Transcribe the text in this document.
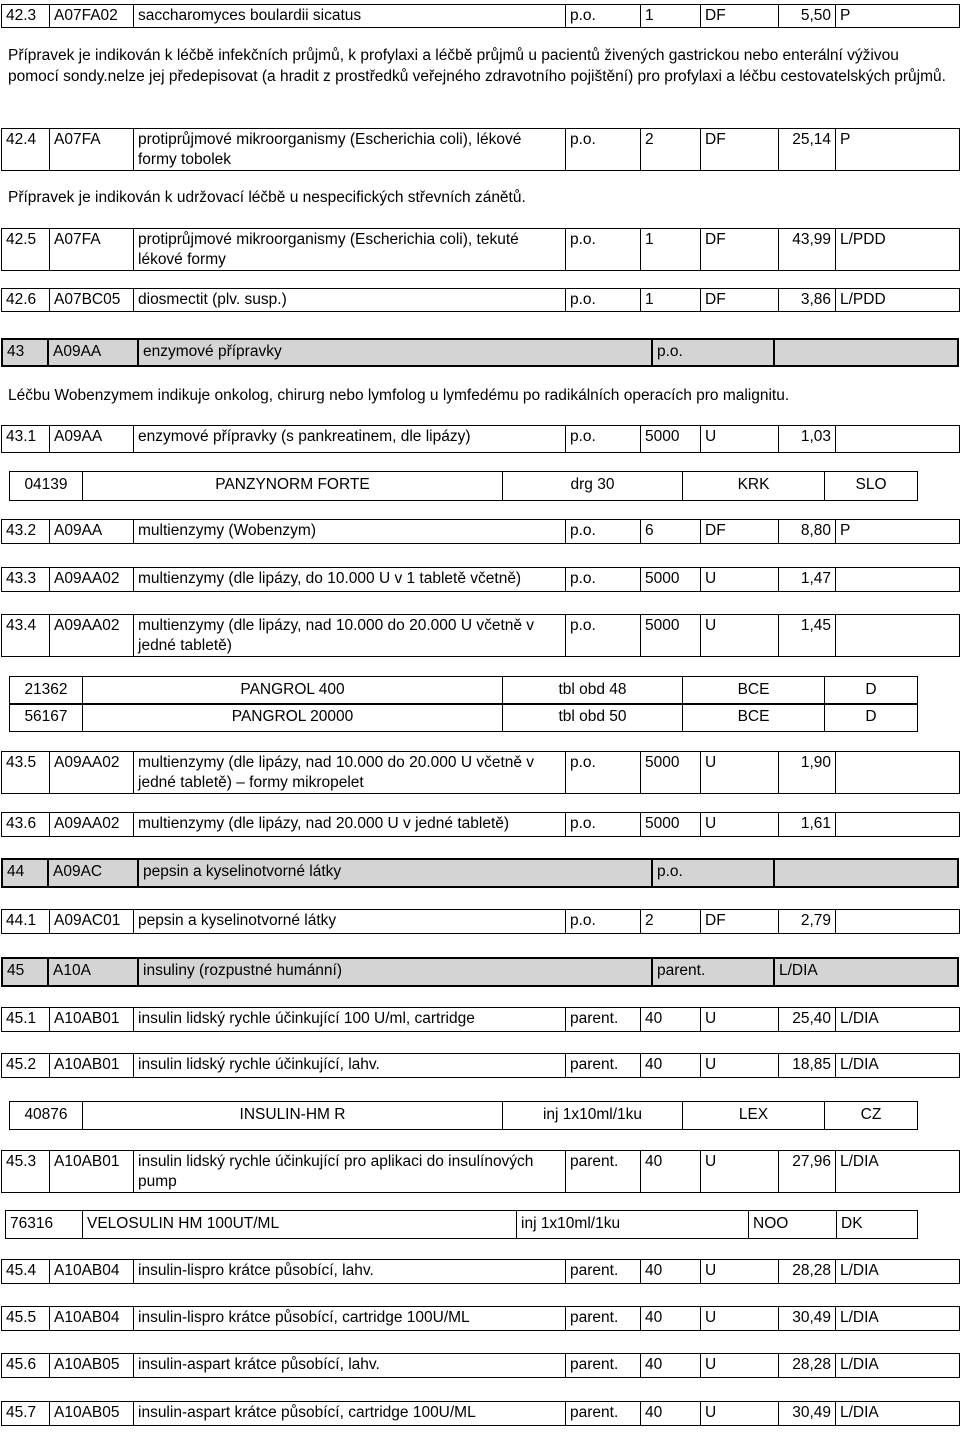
42.3	A07FA02	saccharomyces boulardii sicatus	p.o.	1	DF	5,50	P

Přípravek je indikován k léčbě infekčních průjmů, k profylaxi a léčbě průjmů u pacientů živených gastrickou nebo enterální výživou pomocí sondy.nelze jej předepisovat (a hradit z prostředků veřejného zdravotního pojištění) pro profylaxi a léčbu cestovatelských průjmů.

42.4	A07FA	protiprůjmové mikroorganismy (Escherichia coli), lékové formy tobolek	p.o.	2	DF	25,14	P

Přípravek je indikován k udržovací léčbě u nespecifických střevních zánětů.

42.5	A07FA	protiprůjmové mikroorganismy (Escherichia coli), tekuté lékové formy	p.o.	1	DF	43,99	L/PDD
42.6	A07BC05	diosmectit (plv. susp.)	p.o.	1	DF	3,86	L/PDD
43	A09AA	enzymové přípravky	p.o.	

Léčbu Wobenzymem indikuje onkolog, chirurg nebo lymfolog u lymfedému po radikálních operacích pro malignitu.

43.1	A09AA	enzymové přípravky (s pankreatinem, dle lipázy)	p.o.	5000	U	1,03	
04139	PANZYNORM FORTE	drg 30	KRK	SLO
43.2	A09AA	multienzymy (Wobenzym)	p.o.	6	DF	8,80	P
43.3	A09AA02	multienzymy (dle lipázy, do 10.000 U v 1 tabletě včetně)	p.o.	5000	U	1,47	
43.4	A09AA02	multienzymy (dle lipázy, nad 10.000 do 20.000 U včetně v jedné tabletě)	p.o.	5000	U	1,45	
21362	PANGROL 400	tbl obd 48	BCE	D
56167	PANGROL 20000	tbl obd 50	BCE	D
43.5	A09AA02	multienzymy (dle lipázy, nad 10.000 do 20.000 U včetně v jedné tabletě) – formy mikropelet	p.o.	5000	U	1,90	
43.6	A09AA02	multienzymy (dle lipázy, nad 20.000 U v jedné tabletě)	p.o.	5000	U	1,61	
44	A09AC	pepsin a kyselinotvorné látky	p.o.	
44.1	A09AC01	pepsin a kyselinotvorné látky	p.o.	2	DF	2,79	
45	A10A	insuliny (rozpustné humánní)	parent.	L/DIA
45.1	A10AB01	insulin lidský rychle účinkující 100 U/ml, cartridge	parent.	40	U	25,40	L/DIA
45.2	A10AB01	insulin lidský rychle účinkující, lahv.	parent.	40	U	18,85	L/DIA
40876	INSULIN-HM R	inj 1x10ml/1ku	LEX	CZ
45.3	A10AB01	insulin lidský rychle účinkující pro aplikaci do insulínových pump	parent.	40	U	27,96	L/DIA
76316	VELOSULIN HM 100UT/ML	inj 1x10ml/1ku	NOO	DK
45.4	A10AB04	insulin-lispro krátce působící, lahv.	parent.	40	U	28,28	L/DIA
45.5	A10AB04	insulin-lispro krátce působící, cartridge 100U/ML	parent.	40	U	30,49	L/DIA
45.6	A10AB05	insulin-aspart krátce působící, lahv.	parent.	40	U	28,28	L/DIA
45.7	A10AB05	insulin-aspart krátce působící, cartridge 100U/ML	parent.	40	U	30,49	L/DIA
